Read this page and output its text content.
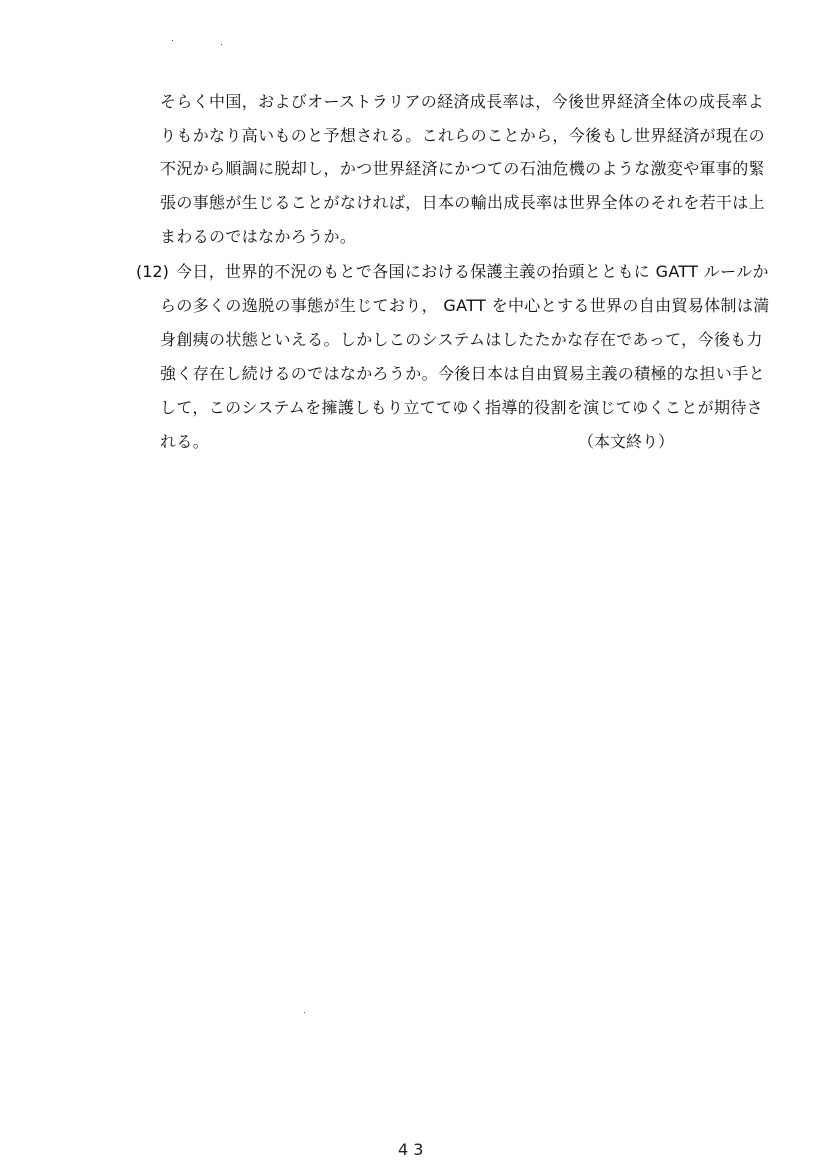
そらく中国，およびオーストラリアの経済成長率は，今後世界経済全体の成長率よ
りもかなり高いものと予想される。これらのことから，今後もし世界経済が現在の
不況から順調に脱却し，かつ世界経済にかつての石油危機のような激変や軍事的緊
張の事態が生じることがなければ，日本の輸出成長率は世界全体のそれを若干は上
まわるのではなかろうか。
(12) 今日，世界的不況のもとで各国における保護主義の抬頭とともに GATT ルールか
らの多くの逸脱の事態が生じており， GATT を中心とする世界の自由貿易体制は満
身創痍の状態といえる。しかしこのシステムはしたたかな存在であって，今後も力
強く存在し続けるのではなかろうか。今後日本は自由貿易主義の積極的な担い手と
して，このシステムを擁護しもり立ててゆく指導的役割を演じてゆくことが期待さ
れる。	（本文終り）
4 3
